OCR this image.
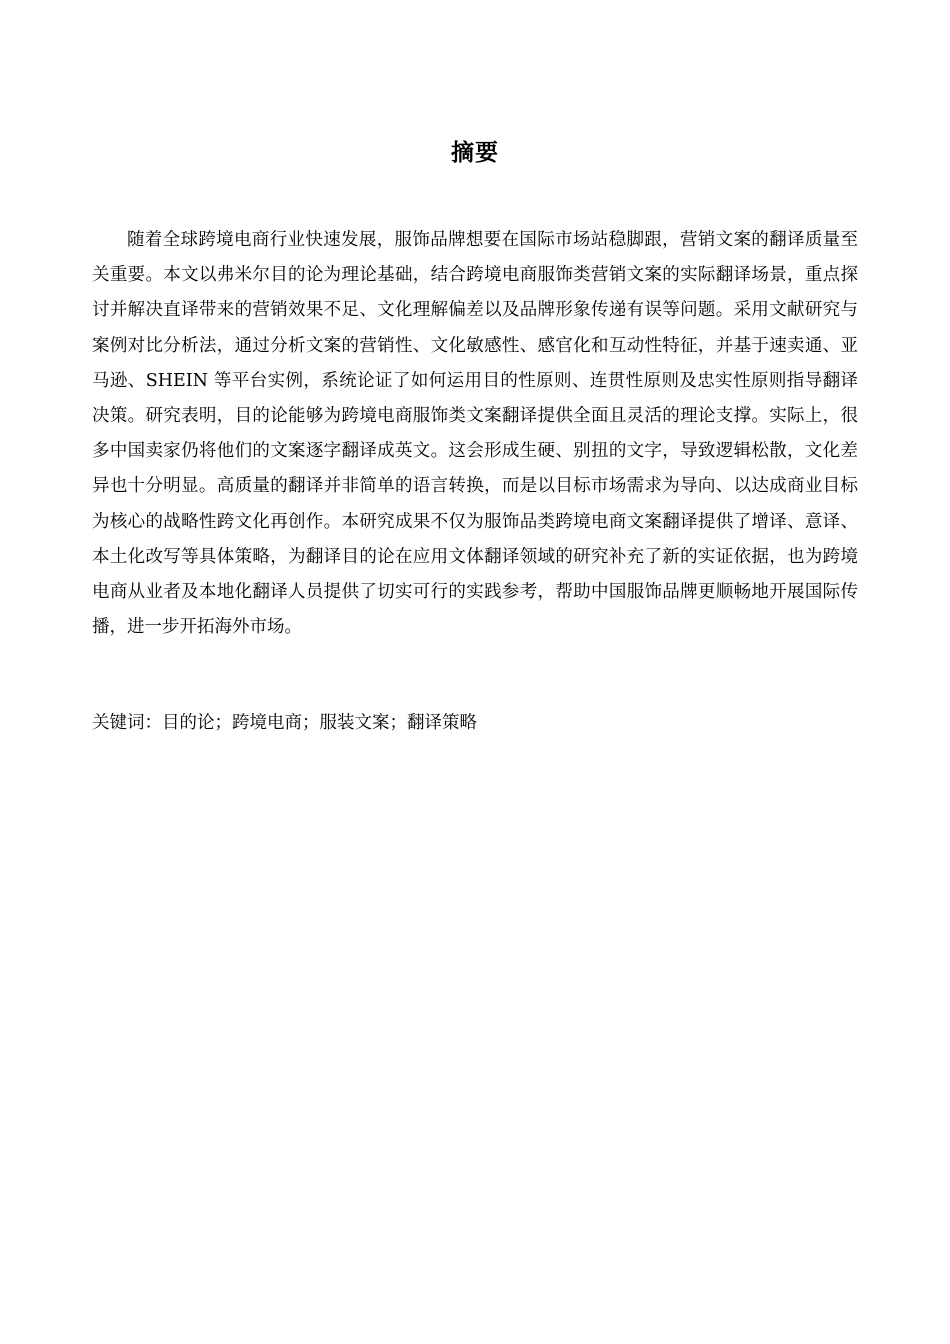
摘要

随着全球跨境电商行业快速发展，服饰品牌想要在国际市场站稳脚跟，营销文案的翻译质量至关重要。本文以弗米尔目的论为理论基础，结合跨境电商服饰类营销文案的实际翻译场景，重点探讨并解决直译带来的营销效果不足、文化理解偏差以及品牌形象传递有误等问题。采用文献研究与案例对比分析法，通过分析文案的营销性、文化敏感性、感官化和互动性特征，并基于速卖通、亚马逊、SHEIN 等平台实例，系统论证了如何运用目的性原则、连贯性原则及忠实性原则指导翻译决策。研究表明，目的论能够为跨境电商服饰类文案翻译提供全面且灵活的理论支撑。实际上，很多中国卖家仍将他们的文案逐字翻译成英文。这会形成生硬、别扭的文字，导致逻辑松散，文化差异也十分明显。高质量的翻译并非简单的语言转换，而是以目标市场需求为导向、以达成商业目标为核心的战略性跨文化再创作。本研究成果不仅为服饰品类跨境电商文案翻译提供了增译、意译、本土化改写等具体策略，为翻译目的论在应用文体翻译领域的研究补充了新的实证依据，也为跨境电商从业者及本地化翻译人员提供了切实可行的实践参考，帮助中国服饰品牌更顺畅地开展国际传播，进一步开拓海外市场。

关键词：目的论；跨境电商；服装文案；翻译策略
